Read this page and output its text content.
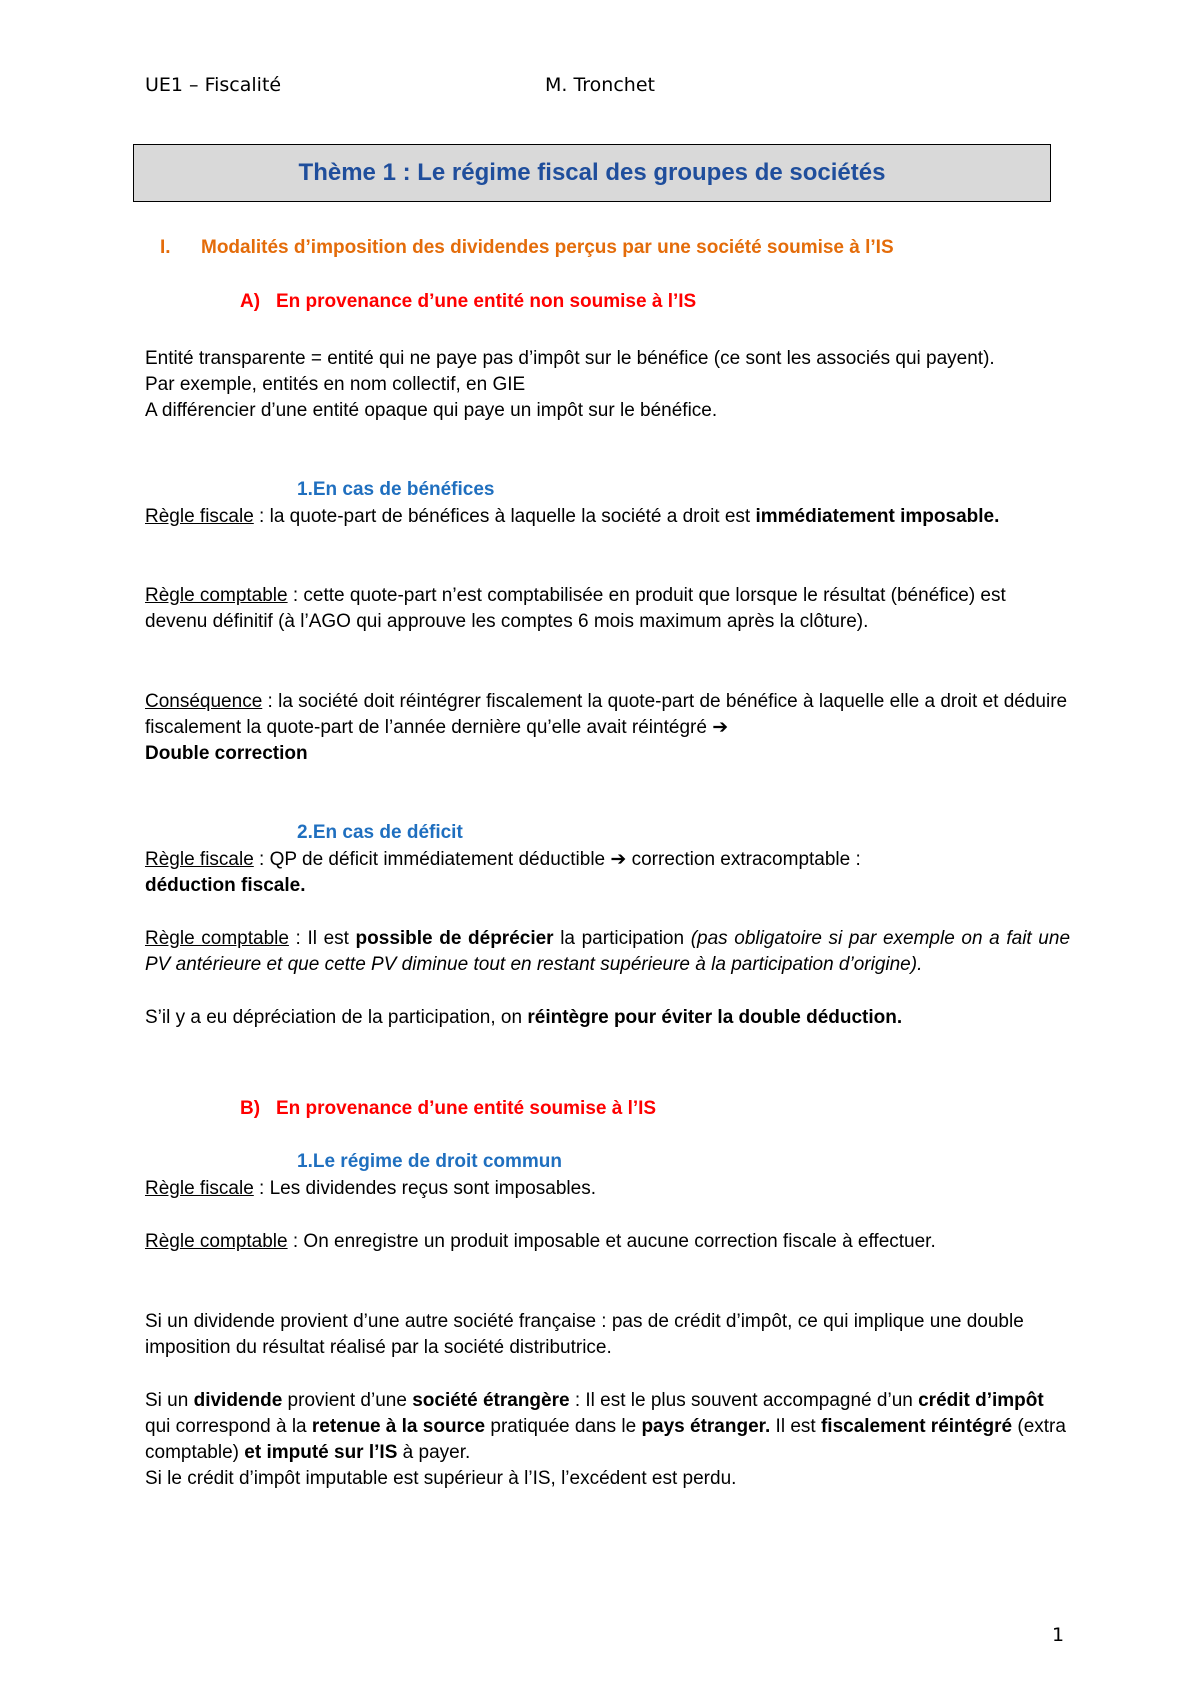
UE1 – Fiscalité	M. Tronchet
Thème 1 : Le régime fiscal des groupes de sociétés
I. Modalités d’imposition des dividendes perçus par une société soumise à l’IS
A) En provenance d’une entité non soumise à l’IS

Entité transparente = entité qui ne paye pas d’impôt sur le bénéfice (ce sont les associés qui payent).

Par exemple, entités en nom collectif, en GIE

A différencier d’une entité opaque qui paye un impôt sur le bénéfice.

1.En cas de bénéfices

Règle fiscale : la quote-part de bénéfices à laquelle la société a droit est immédiatement imposable.

Règle comptable : cette quote-part n’est comptabilisée en produit que lorsque le résultat (bénéfice) est devenu définitif (à l’AGO qui approuve les comptes 6 mois maximum après la clôture).

Conséquence : la société doit réintégrer fiscalement la quote-part de bénéfice à laquelle elle a droit et déduire fiscalement la quote-part de l’année dernière qu’elle avait réintégré ➔
Double correction

2.En cas de déficit

Règle fiscale : QP de déficit immédiatement déductible ➔ correction extracomptable :
déduction fiscale.

Règle comptable : Il est possible de déprécier la participation (pas obligatoire si par exemple on a fait une PV antérieure et que cette PV diminue tout en restant supérieure à la participation d’origine).

S’il y a eu dépréciation de la participation, on réintègre pour éviter la double déduction.

B) En provenance d’une entité soumise à l’IS
1.Le régime de droit commun

Règle fiscale : Les dividendes reçus sont imposables.

Règle comptable : On enregistre un produit imposable et aucune correction fiscale à effectuer.

Si un dividende provient d’une autre société française : pas de crédit d’impôt, ce qui implique une double imposition du résultat réalisé par la société distributrice.

Si un dividende provient d’une société étrangère : Il est le plus souvent accompagné d’un crédit d’impôt qui correspond à la retenue à la source pratiquée dans le pays étranger. Il est fiscalement réintégré (extra comptable) et imputé sur l’IS à payer.

Si le crédit d’impôt imputable est supérieur à l’IS, l’excédent est perdu.

1
